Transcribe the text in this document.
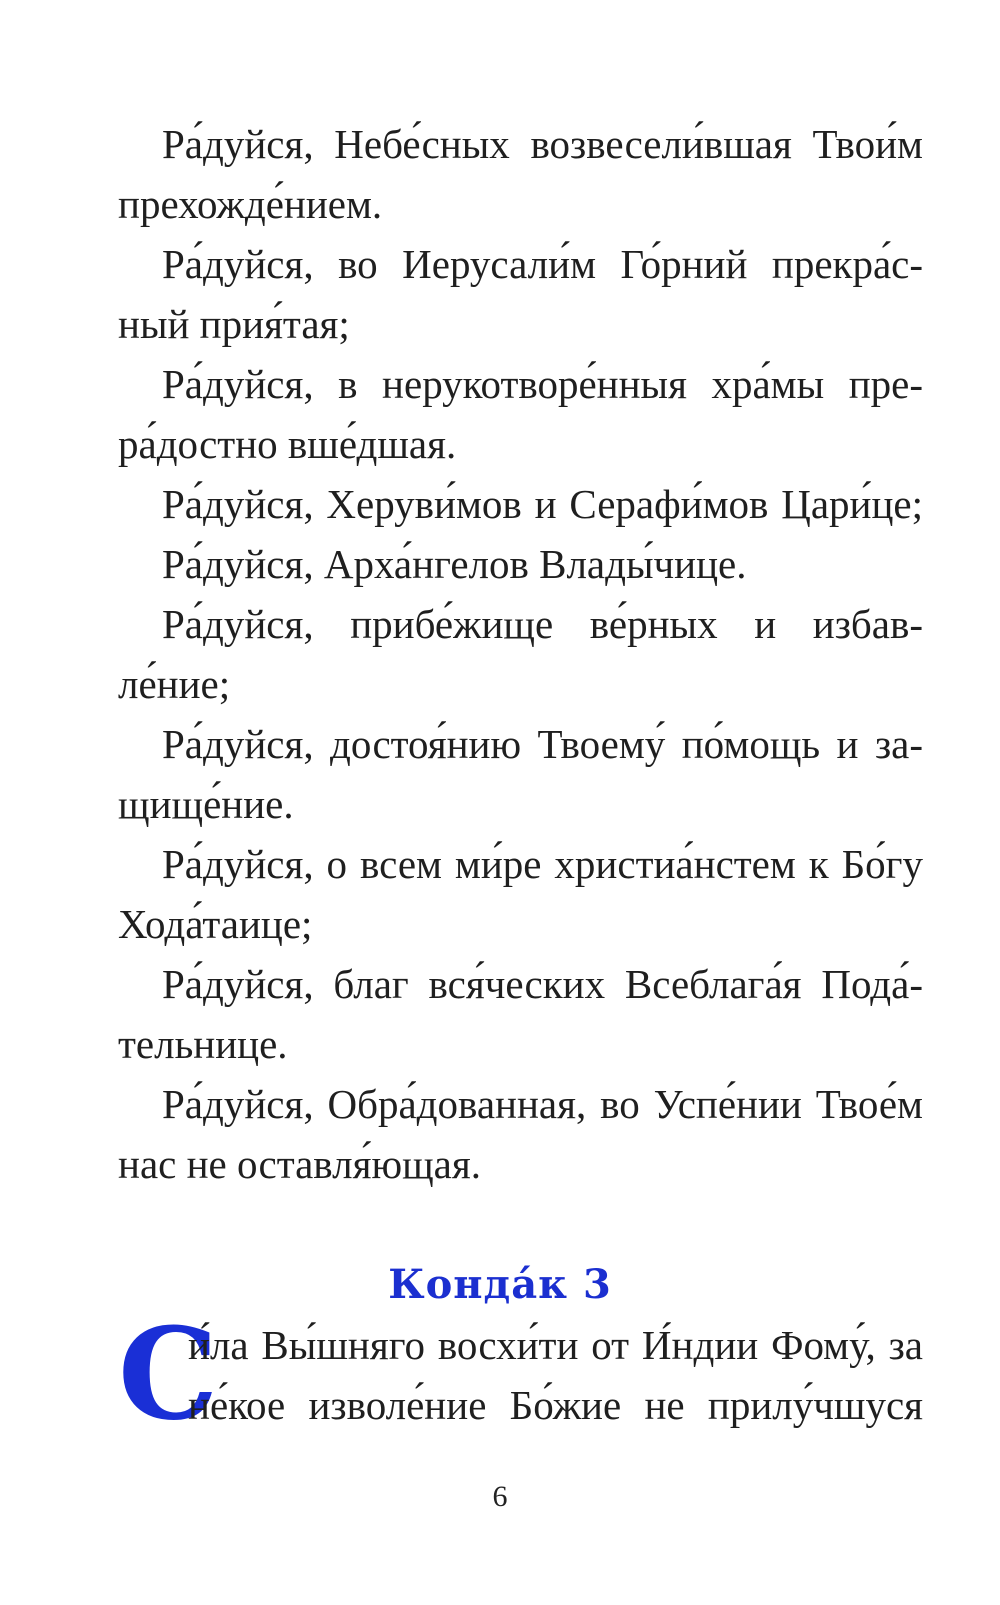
Ра́дуйся, Небе́сных возвесели́вшая Твои́м
прехожде́нием.

Ра́дуйся, во Иерусали́м Го́рний прекра́с-
ный прия́тая;

Ра́дуйся, в нерукотворе́нныя хра́мы пре-
ра́достно вше́дшая.

Ра́дуйся, Херуви́мов и Серафи́мов Цари́це;

Ра́дуйся, Арха́нгелов Влады́чице.

Ра́дуйся, прибе́жище ве́рных и избав-
ле́ние;

Ра́дуйся, достоя́нию Твоему́ по́мощь и за-
щище́ние.

Ра́дуйся, о всем ми́ре христиа́нстем к Бо́гу
Хода́таице;

Ра́дуйся, благ вся́ческих Всеблага́я Пода́-
тельнице.

Ра́дуйся, Обра́дованная, во Успе́нии Твое́м
нас не оставля́ющая.

Конда́к 3
С
и́ла Вы́шняго восхи́ти от И́ндии Фому́, за
не́кое изволе́ние Бо́жие не прилу́чшуся
6
